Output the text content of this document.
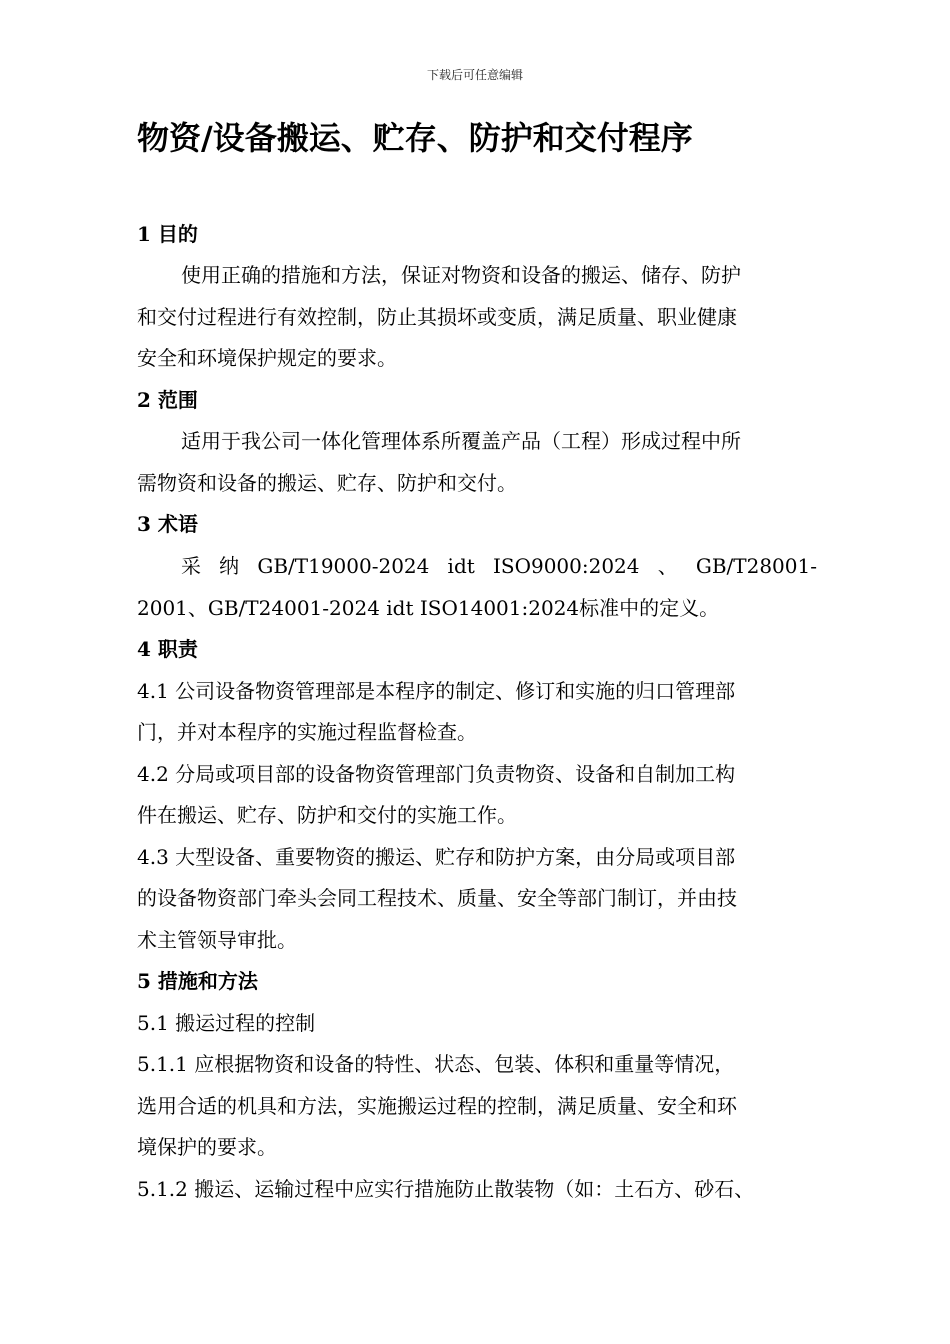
下载后可任意编辑
物资/设备搬运、贮存、防护和交付程序
1 目的
使用正确的措施和方法，保证对物资和设备的搬运、储存、防护
和交付过程进行有效控制，防止其损坏或变质，满足质量、职业健康
安全和环境保护规定的要求。
2 范围
适用于我公司一体化管理体系所覆盖产品（工程）形成过程中所
需物资和设备的搬运、贮存、防护和交付。
3 术语
采 纳 GB/T19000-2024 idt ISO9000:2024 、 GB/T28001-
2001、GB/T24001-2024 idt ISO14001:2024标准中的定义。
4 职责
4.1 公司设备物资管理部是本程序的制定、修订和实施的归口管理部
门，并对本程序的实施过程监督检查。
4.2 分局或项目部的设备物资管理部门负责物资、设备和自制加工构
件在搬运、贮存、防护和交付的实施工作。
4.3 大型设备、重要物资的搬运、贮存和防护方案，由分局或项目部
的设备物资部门牵头会同工程技术、质量、安全等部门制订，并由技
术主管领导审批。
5 措施和方法
5.1 搬运过程的控制
5.1.1 应根据物资和设备的特性、状态、包装、体积和重量等情况，
选用合适的机具和方法，实施搬运过程的控制，满足质量、安全和环
境保护的要求。
5.1.2 搬运、运输过程中应实行措施防止散装物（如：土石方、砂石、
